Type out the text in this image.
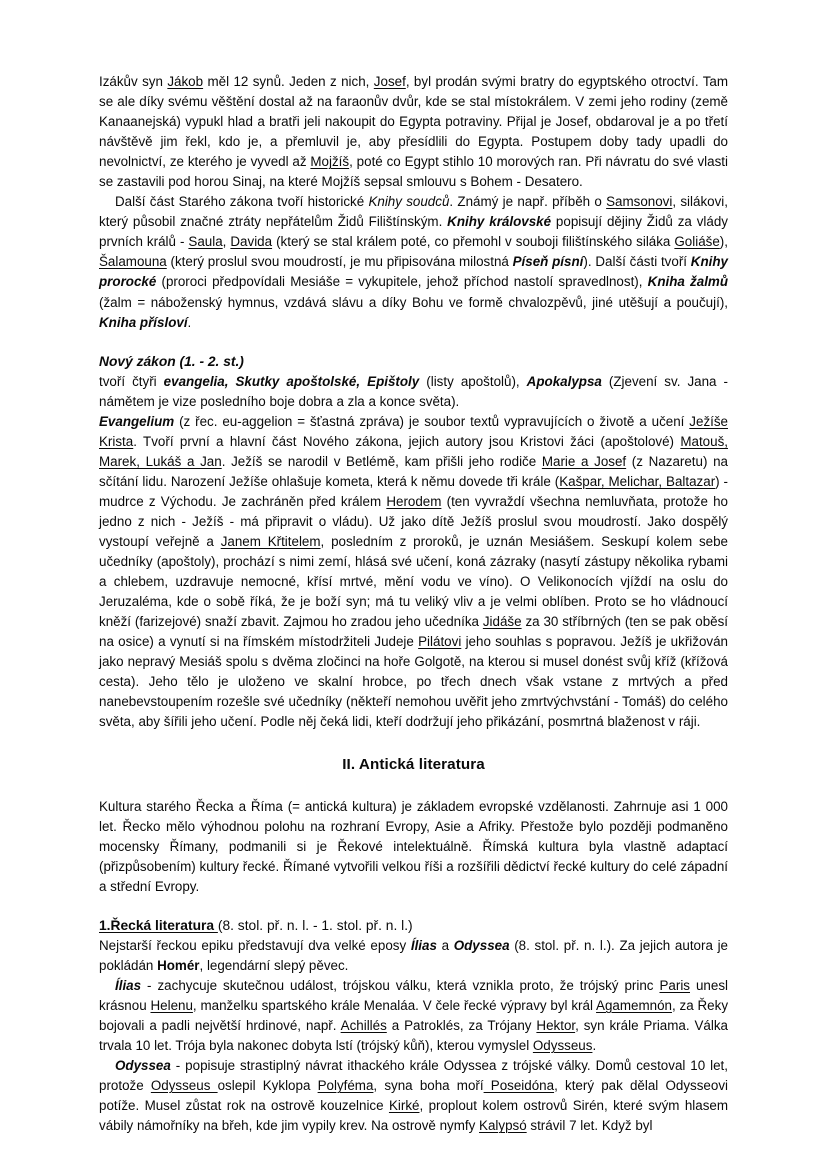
Izákův syn Jákob měl 12 synů. Jeden z nich, Josef, byl prodán svými bratry do egyptského otroctví. Tam se ale díky svému věštění dostal až na faraonův dvůr, kde se stal místokrálem. V zemi jeho rodiny (země Kanaanejská) vypukl hlad a bratři jeli nakoupit do Egypta potraviny. Přijal je Josef, obdaroval je a po třetí návštěvě jim řekl, kdo je, a přemluvil je, aby přesídlili do Egypta. Postupem doby tady upadli do nevolnictví, ze kterého je vyvedl až Mojžíš, poté co Egypt stihlo 10 morových ran. Při návratu do své vlasti se zastavili pod horou Sinaj, na které Mojžíš sepsal smlouvu s Bohem - Desatero.

Další část Starého zákona tvoří historické Knihy soudců. Známý je např. příběh o Samsonovi, silákovi, který působil značné ztráty nepřátelům Židů Filištínským. Knihy královské popisují dějiny Židů za vlády prvních králů - Saula, Davida (který se stal králem poté, co přemohl v souboji filištínského siláka Goliáše), Šalamouna (který proslul svou moudrostí, je mu připisována milostná Píseň písní). Další části tvoří Knihy prorocké (proroci předpovídali Mesiáše = vykupitele, jehož příchod nastolí spravedlnost), Kniha žalmů (žalm = náboženský hymnus, vzdává slávu a díky Bohu ve formě chvalozpěvů, jiné utěšují a poučují), Kniha přísloví.

Nový zákon (1. - 2. st.)

tvoří čtyři evangelia, Skutky apoštolské, Epištoly (listy apoštolů), Apokalypsa (Zjevení sv. Jana - námětem je vize posledního boje dobra a zla a konce světa).

Evangelium (z řec. eu-aggelion = šťastná zpráva) je soubor textů vypravujících o životě a učení Ježíše Krista. Tvoří první a hlavní část Nového zákona, jejich autory jsou Kristovi žáci (apoštolové) Matouš, Marek, Lukáš a Jan. Ježíš se narodil v Betlémě, kam přišli jeho rodiče Marie a Josef (z Nazaretu) na sčítání lidu. Narození Ježíše ohlašuje kometa, která k němu dovede tři krále (Kašpar, Melichar, Baltazar) - mudrce z Východu. Je zachráněn před králem Herodem (ten vyvraždí všechna nemluvňata, protože ho jedno z nich - Ježíš - má připravit o vládu). Už jako dítě Ježíš proslul svou moudrostí. Jako dospělý vystoupí veřejně a Janem Křtitelem, posledním z proroků, je uznán Mesiášem. Seskupí kolem sebe učedníky (apoštoly), prochází s nimi zemí, hlásá své učení, koná zázraky (nasytí zástupy několika rybami a chlebem, uzdravuje nemocné, křísí mrtvé, mění vodu ve víno). O Velikonocích vjíždí na oslu do Jeruzaléma, kde o sobě říká, že je boží syn; má tu veliký vliv a je velmi oblíben. Proto se ho vládnoucí kněží (farizejové) snaží zbavit. Zajmou ho zradou jeho učedníka Jidáše za 30 stříbrných (ten se pak oběsí na osice) a vynutí si na římském místodržiteli Judeje Pilátovi jeho souhlas s popravou. Ježíš je ukřižován jako nepravý Mesiáš spolu s dvěma zločinci na hoře Golgotě, na kterou si musel donést svůj kříž (křížová cesta). Jeho tělo je uloženo ve skalní hrobce, po třech dnech však vstane z mrtvých a před nanebevstoupením rozešle své učedníky (někteří nemohou uvěřit jeho zmrtvýchvstání - Tomáš) do celého světa, aby šířili jeho učení. Podle něj čeká lidi, kteří dodržují jeho přikázání, posmrtná blaženost v ráji.

II. Antická literatura

Kultura starého Řecka a Říma (= antická kultura) je základem evropské vzdělanosti. Zahrnuje asi 1 000 let. Řecko mělo výhodnou polohu na rozhraní Evropy, Asie a Afriky. Přestože bylo později podmaněno mocensky Římany, podmanili si je Řekové intelektuálně. Římská kultura byla vlastně adaptací (přizpůsobením) kultury řecké. Římané vytvořili velkou říši a rozšířili dědictví řecké kultury do celé západní a střední Evropy.

1.Řecká literatura (8. stol. př. n. l. - 1. stol. př. n. l.)

Nejstarší řeckou epiku představují dva velké eposy Ílias a Odyssea (8. stol. př. n. l.). Za jejich autora je pokládán Homér, legendární slepý pěvec.

Ílias - zachycuje skutečnou událost, trójskou válku, která vznikla proto, že trójský princ Paris unesl krásnou Helenu, manželku spartského krále Menaláa. V čele řecké výpravy byl král Agamemnón, za Řeky bojovali a padli největší hrdinové, např. Achillés a Patroklés, za Trójany Hektor, syn krále Priama. Válka trvala 10 let. Trója byla nakonec dobyta lstí (trójský kůň), kterou vymyslel Odysseus.

Odyssea - popisuje strastiplný návrat ithackého krále Odyssea z trójské války. Domů cestoval 10 let, protože Odysseus oslepil Kyklopa Polyféma, syna boha moří Poseidóna, který pak dělal Odysseovi potíže. Musel zůstat rok na ostrově kouzelnice Kirké, proplout kolem ostrovů Sirén, které svým hlasem vábily námořníky na břeh, kde jim vypily krev. Na ostrově nymfy Kalypsó strávil 7 let. Když byl
